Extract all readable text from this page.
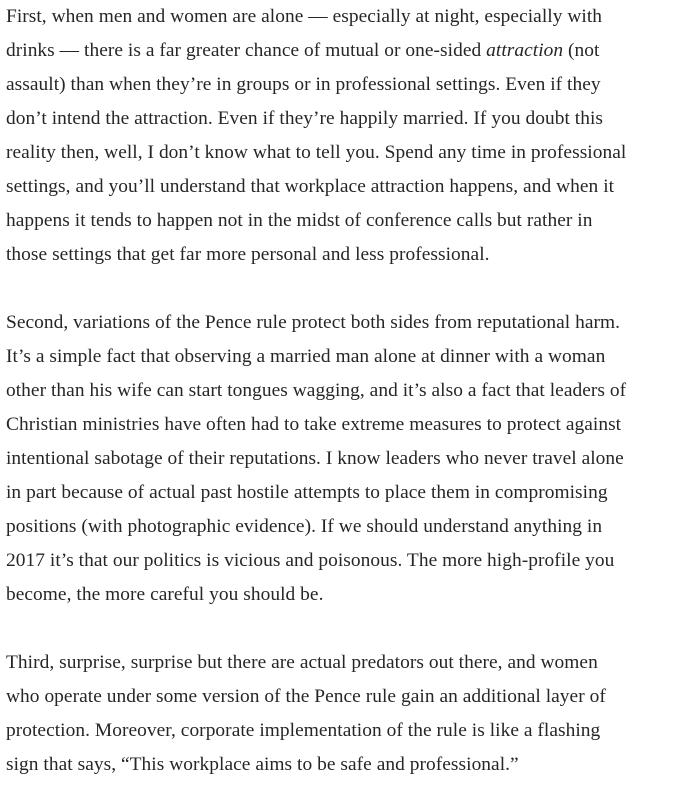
First, when men and women are alone — especially at night, especially with
drinks — there is a far greater chance of mutual or one-sided attraction (not
assault) than when they’re in groups or in professional settings. Even if they
don’t intend the attraction. Even if they’re happily married. If you doubt this
reality then, well, I don’t know what to tell you. Spend any time in professional
settings, and you’ll understand that workplace attraction happens, and when it
happens it tends to happen not in the midst of conference calls but rather in
those settings that get far more personal and less professional.
Second, variations of the Pence rule protect both sides from reputational harm.
It’s a simple fact that observing a married man alone at dinner with a woman
other than his wife can start tongues wagging, and it’s also a fact that leaders of
Christian ministries have often had to take extreme measures to protect against
intentional sabotage of their reputations. I know leaders who never travel alone
in part because of actual past hostile attempts to place them in compromising
positions (with photographic evidence). If we should understand anything in
2017 it’s that our politics is vicious and poisonous. The more high-profile you
become, the more careful you should be.
Third, surprise, surprise but there are actual predators out there, and women
who operate under some version of the Pence rule gain an additional layer of
protection. Moreover, corporate implementation of the rule is like a flashing
sign that says, “This workplace aims to be safe and professional.”
